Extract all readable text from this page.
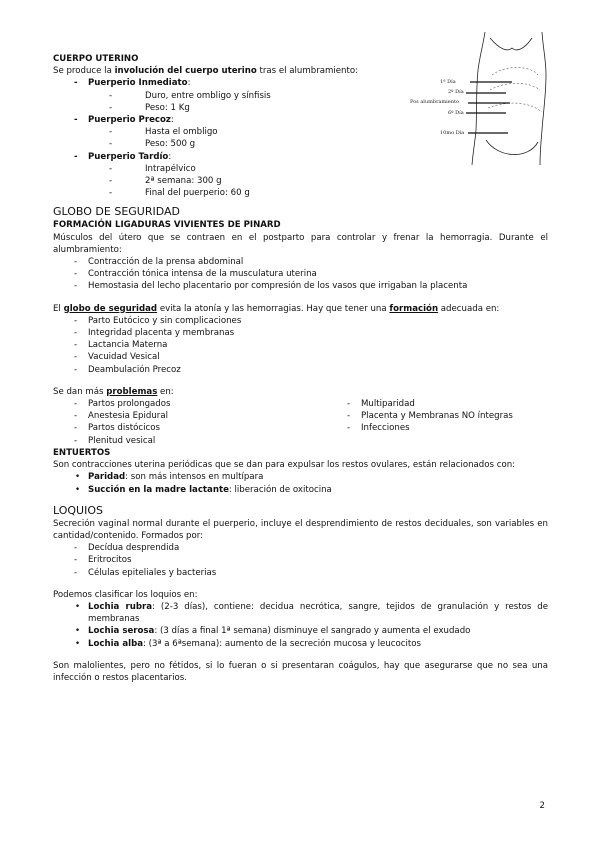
CUERPO UTERINO
Se produce la involución del cuerpo uterino tras el alumbramiento:
- Puerperio Inmediato:
- Duro, entre ombligo y sínfisis
- Peso: 1 Kg
- Puerperio Precoz:
- Hasta el ombligo
- Peso: 500 g
- Puerperio Tardío:
- Intrapélvico
- 2ª semana: 300 g
- Final del puerperio: 60 g
GLOBO DE SEGURIDAD
FORMACIÓN LIGADURAS VIVIENTES DE PINARD
Músculos del útero que se contraen en el postparto para controlar y frenar la hemorragia. Durante el alumbramiento:
- Contracción de la prensa abdominal
- Contracción tónica intensa de la musculatura uterina
- Hemostasia del lecho placentario por compresión de los vasos que irrigaban la placenta
El globo de seguridad evita la atonía y las hemorragias. Hay que tener una formación adecuada en:
- Parto Eutócico y sin complicaciones
- Integridad placenta y membranas
- Lactancia Materna
- Vacuidad Vesical
- Deambulación Precoz
Se dan más problemas en:
- Partos prolongados
- Anestesia Epidural
- Partos distócicos
- Plenitud vesical
- Multiparidad
- Placenta y Membranas NO íntegras
- Infecciones
ENTUERTOS
Son contracciones uterina periódicas que se dan para expulsar los restos ovulares, están relacionados con:
• Paridad: son más intensos en multípara
• Succión en la madre lactante: liberación de oxitocina
LOQUIOS
Secreción vaginal normal durante el puerperio, incluye el desprendimiento de restos deciduales, son variables en cantidad/contenido. Formados por:
- Decídua desprendida
- Eritrocitos
- Células epiteliales y bacterias
Podemos clasificar los loquios en:
• Lochia rubra: (2-3 días), contiene: decidua necrótica, sangre, tejidos de granulación y restos de membranas
• Lochia serosa: (3 días a final 1ª semana) disminuye el sangrado y aumenta el exudado
• Lochia alba: (3ª a 6ªsemana): aumento de la secreción mucosa y leucocitos
Son malolientes, pero no fétidos, si lo fueran o si presentaran coágulos, hay que asegurarse que no sea una infección o restos placentarios.
1ª Día
2º Día
Pos alumbramiento
6º Día
10mo Día
2
